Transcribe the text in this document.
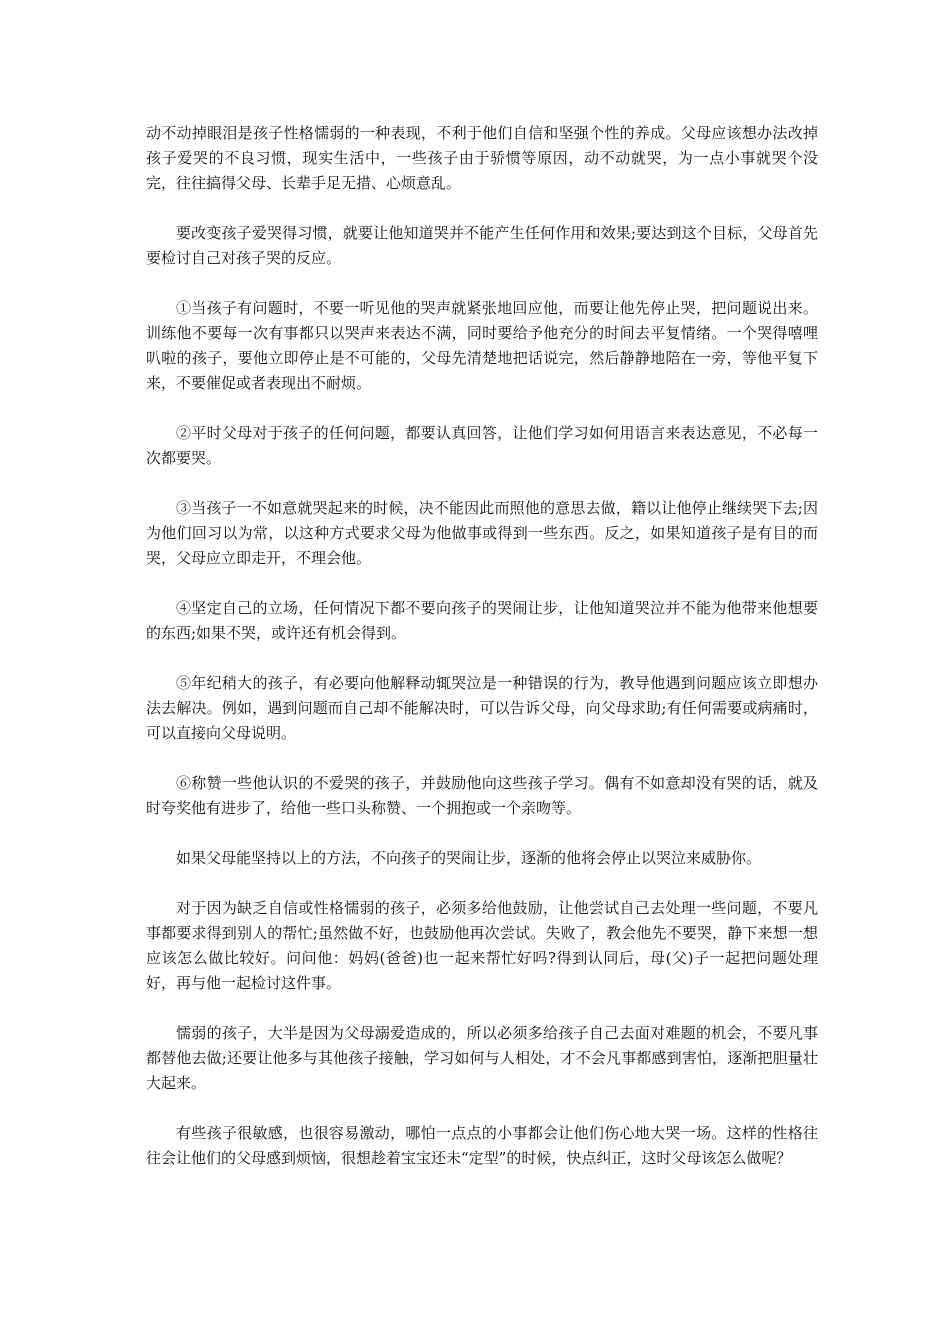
动不动掉眼泪是孩子性格懦弱的一种表现，不利于他们自信和坚强个性的养成。父母应该想办法改掉孩子爱哭的不良习惯，现实生活中，一些孩子由于骄惯等原因，动不动就哭，为一点小事就哭个没完，往往搞得父母、长辈手足无措、心烦意乱。

要改变孩子爱哭得习惯，就要让他知道哭并不能产生任何作用和效果;要达到这个目标，父母首先要检讨自己对孩子哭的反应。

①当孩子有问题时，不要一听见他的哭声就紧张地回应他，而要让他先停止哭，把问题说出来。训练他不要每一次有事都只以哭声来表达不满，同时要给予他充分的时间去平复情绪。一个哭得嘻哩叭啦的孩子，要他立即停止是不可能的，父母先清楚地把话说完，然后静静地陪在一旁，等他平复下来，不要催促或者表现出不耐烦。

②平时父母对于孩子的任何问题，都要认真回答，让他们学习如何用语言来表达意见，不必每一次都要哭。

③当孩子一不如意就哭起来的时候，决不能因此而照他的意思去做，籍以让他停止继续哭下去;因为他们回习以为常，以这种方式要求父母为他做事或得到一些东西。反之，如果知道孩子是有目的而哭，父母应立即走开，不理会他。

④坚定自己的立场，任何情况下都不要向孩子的哭闹让步，让他知道哭泣并不能为他带来他想要的东西;如果不哭，或许还有机会得到。

⑤年纪稍大的孩子，有必要向他解释动辄哭泣是一种错误的行为，教导他遇到问题应该立即想办法去解决。例如，遇到问题而自己却不能解决时，可以告诉父母，向父母求助;有任何需要或病痛时，可以直接向父母说明。

⑥称赞一些他认识的不爱哭的孩子，并鼓励他向这些孩子学习。偶有不如意却没有哭的话，就及时夸奖他有进步了，给他一些口头称赞、一个拥抱或一个亲吻等。

如果父母能坚持以上的方法，不向孩子的哭闹让步，逐渐的他将会停止以哭泣来威胁你。

对于因为缺乏自信或性格懦弱的孩子，必须多给他鼓励，让他尝试自己去处理一些问题，不要凡事都要求得到别人的帮忙;虽然做不好，也鼓励他再次尝试。失败了，教会他先不要哭，静下来想一想应该怎么做比较好。问问他：妈妈(爸爸)也一起来帮忙好吗?得到认同后，母(父)子一起把问题处理好，再与他一起检讨这件事。

懦弱的孩子，大半是因为父母溺爱造成的，所以必须多给孩子自己去面对难题的机会，不要凡事都替他去做;还要让他多与其他孩子接触，学习如何与人相处，才不会凡事都感到害怕，逐渐把胆量壮大起来。

有些孩子很敏感，也很容易激动，哪怕一点点的小事都会让他们伤心地大哭一场。这样的性格往往会让他们的父母感到烦恼，很想趁着宝宝还未“定型”的时候，快点纠正，这时父母该怎么做呢？
